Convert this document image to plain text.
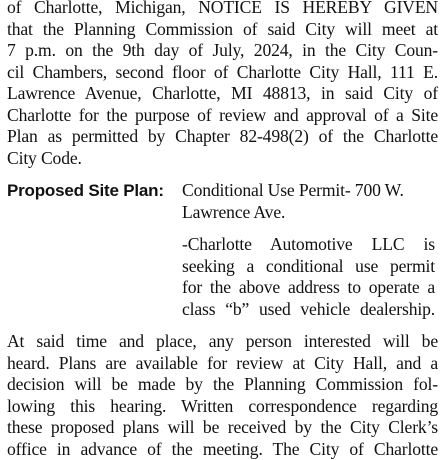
of Charlotte, Michigan, NOTICE IS HEREBY GIVEN
that the Planning Commission of said City will meet at
7 p.m. on the 9th day of July, 2024, in the City Coun-
cil Chambers, second floor of Charlotte City Hall, 111 E.
Lawrence Avenue, Charlotte, MI 48813, in said City of
Charlotte for the purpose of review and approval of a Site
Plan as permitted by Chapter 82-498(2) of the Charlotte
City Code.
Proposed Site Plan: Conditional Use Permit- 700 W.
Lawrence Ave.
-Charlotte Automotive LLC is
seeking a conditional use permit
for the above address to operate a
class “b” used vehicle dealership.
At said time and place, any person interested will be
heard. Plans are available for review at City Hall, and a
decision will be made by the Planning Commission fol-
lowing this hearing. Written correspondence regarding
these proposed plans will be received by the City Clerk’s
office in advance of the meeting. The City of Charlotte
